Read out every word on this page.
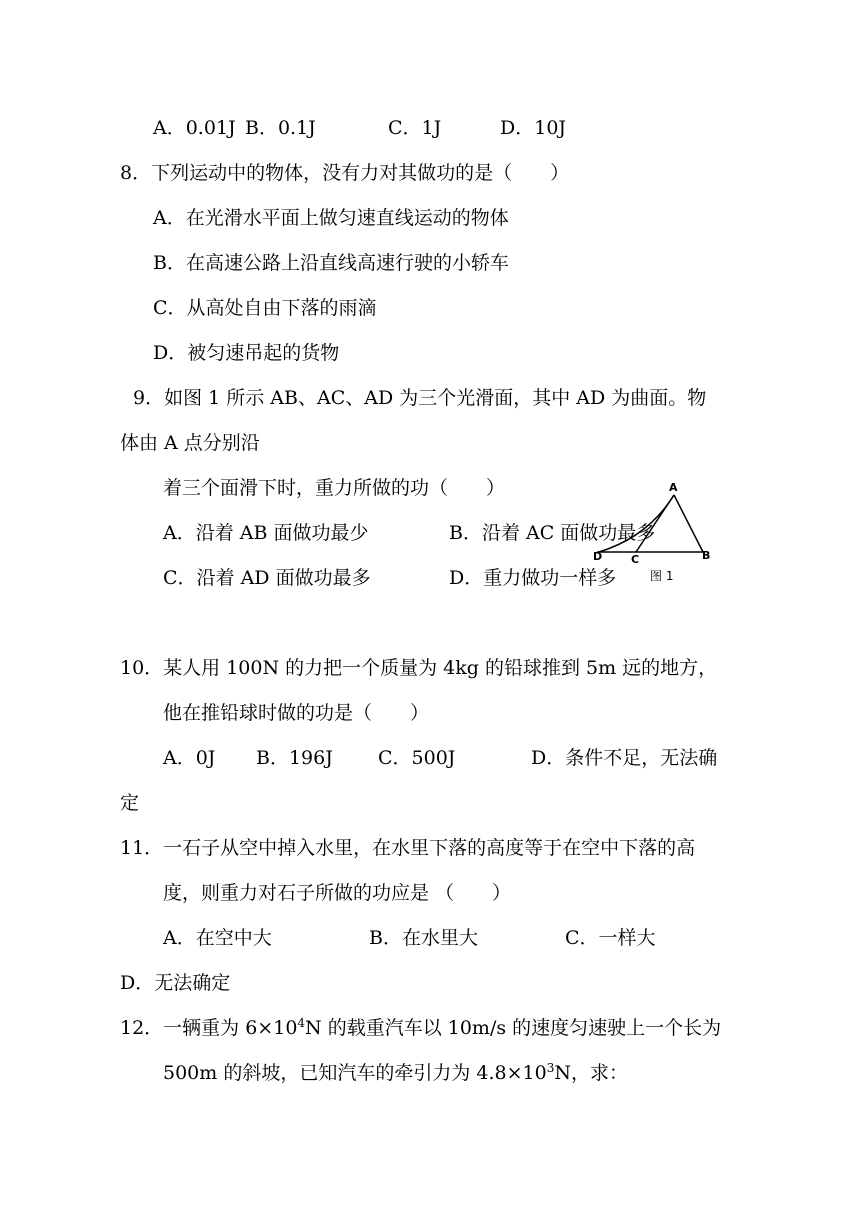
A．0.01J B．0.1J	C．1J	D．10J
8．下列运动中的物体，没有力对其做功的是（　　）
A．在光滑水平面上做匀速直线运动的物体
B．在高速公路上沿直线高速行驶的小轿车
C．从高处自由下落的雨滴
D．被匀速吊起的货物
9．如图 1 所示 AB、AC、AD 为三个光滑面，其中 AD 为曲面。物
体由 A 点分别沿
着三个面滑下时，重力所做的功（　　）	A
B
C
D
图 1
A．沿着 AB 面做功最少	B．沿着 AC 面做功最多
C．沿着 AD 面做功最多	D．重力做功一样多
10．某人用 100N 的力把一个质量为 4kg 的铅球推到 5m 远的地方，
他在推铅球时做的功是（　　）
A．0J B．196J C．500J	D．条件不足，无法确
定
11．一石子从空中掉入水里，在水里下落的高度等于在空中下落的高
度，则重力对石子所做的功应是 （　　）
A．在空中大	B．在水里大	C．一样大
D．无法确定
12．一辆重为 $6\times 10^4N$ 的载重汽车以 10m/s 的速度匀速驶上一个长为
500m 的斜坡，已知汽车的牵引力为 $4.8\times 10^3N$，求：
